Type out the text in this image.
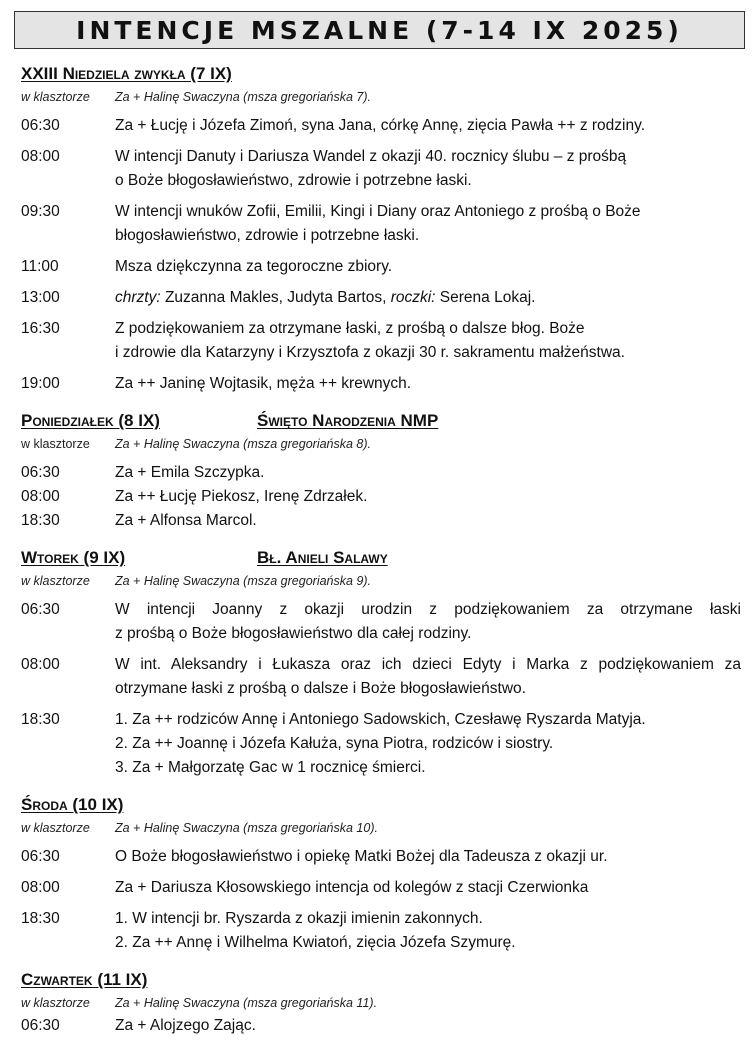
INTENCJE MSZALNE (7-14 IX 2025)
XXIII Niedziela zwykła (7 IX)
w klasztorze	Za + Halinę Swaczyna (msza gregoriańska 7).
06:30	Za + Łucję i Józefa Zimoń, syna Jana, córkę Annę, zięcia Pawła ++ z rodziny.
08:00	W intencji Danuty i Dariusza Wandel z okazji 40. rocznicy ślubu – z prośbą
o Boże błogosławieństwo, zdrowie i potrzebne łaski.
09:30	W intencji wnuków Zofii, Emilii, Kingi i Diany oraz Antoniego z prośbą o Boże
błogosławieństwo, zdrowie i potrzebne łaski.
11:00	Msza dziękczynna za tegoroczne zbiory.
13:00	chrzty: Zuzanna Makles, Judyta Bartos, roczki: Serena Lokaj.
16:30	Z podziękowaniem za otrzymane łaski, z prośbą o dalsze błog. Boże
i zdrowie dla Katarzyny i Krzysztofa z okazji 30 r. sakramentu małżeństwa.
19:00	Za ++ Janinę Wojtasik, męża ++ krewnych.
Poniedziałek (8 IX)	Święto Narodzenia NMP
w klasztorze	Za + Halinę Swaczyna (msza gregoriańska 8).
06:30	Za + Emila Szczypka.
08:00	Za ++ Łucję Piekosz, Irenę Zdrzałek.
18:30	Za + Alfonsa Marcol.
Wtorek (9 IX)	Bł. Anieli Salawy
w klasztorze	Za + Halinę Swaczyna (msza gregoriańska 9).
06:30	W intencji Joanny z okazji urodzin z podziękowaniem za otrzymane łaski
z prośbą o Boże błogosławieństwo dla całej rodziny.
08:00	W int. Aleksandry i Łukasza oraz ich dzieci Edyty i Marka z podziękowaniem za
otrzymane łaski z prośbą o dalsze i Boże błogosławieństwo.
18:30	1. Za ++ rodziców Annę i Antoniego Sadowskich, Czesławę Ryszarda Matyja.
2. Za ++ Joannę i Józefa Kałuża, syna Piotra, rodziców i siostry.
3. Za + Małgorzatę Gac w 1 rocznicę śmierci.
Środa (10 IX)
w klasztorze	Za + Halinę Swaczyna (msza gregoriańska 10).
06:30	O Boże błogosławieństwo i opiekę Matki Bożej dla Tadeusza z okazji ur.
08:00	Za + Dariusza Kłosowskiego intencja od kolegów z stacji Czerwionka
18:30	1. W intencji br. Ryszarda z okazji imienin zakonnych.
2. Za ++ Annę i Wilhelma Kwiatoń, zięcia Józefa Szymurę.
Czwartek (11 IX)
w klasztorze	Za + Halinę Swaczyna (msza gregoriańska 11).
06:30	Za + Alojzego Zając.
